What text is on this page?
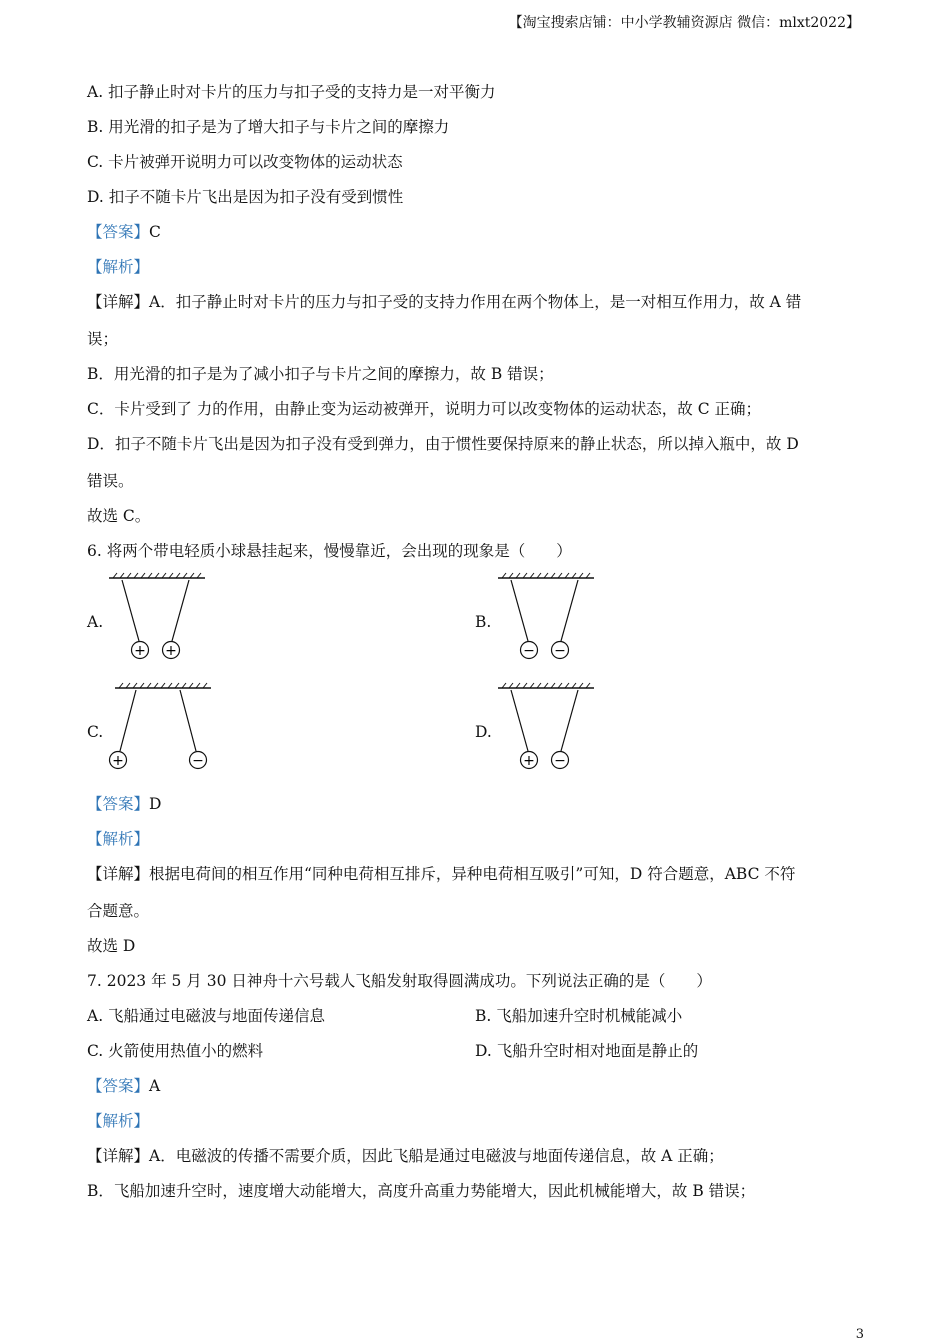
【淘宝搜索店铺：中小学教辅资源店 微信：mlxt2022】
A. 扣子静止时对卡片的压力与扣子受的支持力是一对平衡力
B. 用光滑的扣子是为了增大扣子与卡片之间的摩擦力
C. 卡片被弹开说明力可以改变物体的运动状态
D. 扣子不随卡片飞出是因为扣子没有受到惯性
【答案】C
【解析】
【详解】A．扣子静止时对卡片的压力与扣子受的支持力作用在两个物体上，是一对相互作用力，故 A 错
误；
B．用光滑的扣子是为了减小扣子与卡片之间的摩擦力，故 B 错误；
C．卡片受到了 力的作用，由静止变为运动被弹开，说明力可以改变物体的运动状态，故 C 正确；
D．扣子不随卡片飞出是因为扣子没有受到弹力，由于惯性要保持原来的静止状态，所以掉入瓶中，故 D
错误。
故选 C。
6. 将两个带电轻质小球悬挂起来，慢慢靠近，会出现的现象是（　　）
A.
+ +
B.
− −
C.
+	−
D.
+ −
【答案】D
【解析】
【详解】根据电荷间的相互作用“同种电荷相互排斥，异种电荷相互吸引”可知，D 符合题意，ABC 不符
合题意。
故选 D
7. 2023 年 5 月 30 日神舟十六号载人飞船发射取得圆满成功。下列说法正确的是（　　）
A. 飞船通过电磁波与地面传递信息	B. 飞船加速升空时机械能减小
C. 火箭使用热值小的燃料	D. 飞船升空时相对地面是静止的
【答案】A
【解析】
【详解】A．电磁波的传播不需要介质，因此飞船是通过电磁波与地面传递信息，故 A 正确；
B．飞船加速升空时，速度增大动能增大，高度升高重力势能增大，因此机械能增大，故 B 错误；
3
